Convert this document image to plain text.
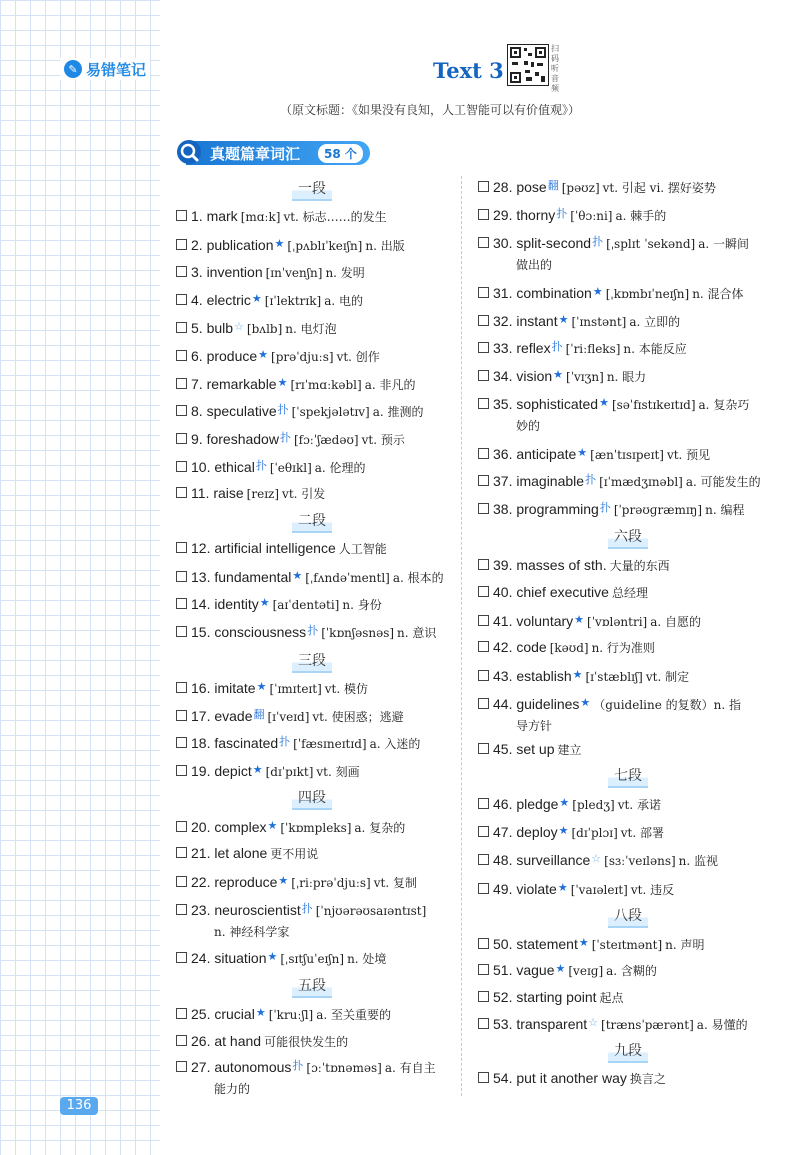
✎ 易错笔记	Text 3
扫码听音频
（原文标题：《如果没有良知，人工智能可以有价值观》）
真题篇章词汇	58 个
一段
1. mark [mɑːk] vt. 标志……的发生
2. publication★ [ˌpʌblɪˈkeɪʃn] n. 出版
3. invention [ɪnˈvenʃn] n. 发明
4. electric★ [ɪˈlektrɪk] a. 电的
5. bulb☆ [bʌlb] n. 电灯泡
6. produce★ [prəˈdjuːs] vt. 创作
7. remarkable★ [rɪˈmɑːkəbl] a. 非凡的
8. speculative$^扑$ [ˈspekjələtɪv] a. 推测的
9. foreshadow$^扑$ [fɔːˈʃædəʊ] vt. 预示
10. ethical$^扑$ [ˈeθɪkl] a. 伦理的
11. raise [reɪz] vt. 引发
二段
12. artificial intelligence 人工智能
13. fundamental★ [ˌfʌndəˈmentl] a. 根本的
14. identity★ [aɪˈdentəti] n. 身份
15. consciousness$^扑$ [ˈkɒnʃəsnəs] n. 意识
三段
16. imitate★ [ˈɪmɪteɪt] vt. 模仿
17. evade$^翻$ [ɪˈveɪd] vt. 使困惑；逃避
18. fascinated$^扑$ [ˈfæsɪneɪtɪd] a. 入迷的
19. depict★ [dɪˈpɪkt] vt. 刻画
四段
20. complex★ [ˈkɒmpleks] a. 复杂的
21. let alone 更不用说
22. reproduce★ [ˌriːprəˈdjuːs] vt. 复制
23. neuroscientist$^扑$ [ˈnjʊərəʊsaɪəntɪst]
n. 神经科学家
24. situation★ [ˌsɪtʃuˈeɪʃn] n. 处境
五段
25. crucial★ [ˈkruːʃl] a. 至关重要的
26. at hand 可能很快发生的
27. autonomous$^扑$ [ɔːˈtɒnəməs] a. 有自主
能力的
28. pose$^翻$ [pəʊz] vt. 引起 vi. 摆好姿势
29. thorny$^扑$ [ˈθɔːni] a. 棘手的
30. split-second$^扑$ [ˌsplɪt ˈsekənd] a. 一瞬间
做出的
31. combination★ [ˌkɒmbɪˈneɪʃn] n. 混合体
32. instant★ [ˈɪnstənt] a. 立即的
33. reflex$^扑$ [ˈriːfleks] n. 本能反应
34. vision★ [ˈvɪʒn] n. 眼力
35. sophisticated★ [səˈfɪstɪkeɪtɪd] a. 复杂巧
妙的
36. anticipate★ [ænˈtɪsɪpeɪt] vt. 预见
37. imaginable$^扑$ [ɪˈmædʒɪnəbl] a. 可能发生的
38. programming$^扑$ [ˈprəʊɡræmɪŋ] n. 编程
六段
39. masses of sth. 大量的东西
40. chief executive 总经理
41. voluntary★ [ˈvɒləntri] a. 自愿的
42. code [kəʊd] n. 行为准则
43. establish★ [ɪˈstæblɪʃ] vt. 制定
44. guidelines★ （guideline 的复数）n. 指
导方针
45. set up 建立
七段
46. pledge★ [pledʒ] vt. 承诺
47. deploy★ [dɪˈplɔɪ] vt. 部署
48. surveillance☆ [sɜːˈveɪləns] n. 监视
49. violate★ [ˈvaɪəleɪt] vt. 违反
八段
50. statement★ [ˈsteɪtmənt] n. 声明
51. vague★ [veɪɡ] a. 含糊的
52. starting point 起点
53. transparent☆ [trænsˈpærənt] a. 易懂的
九段
54. put it another way 换言之
136
